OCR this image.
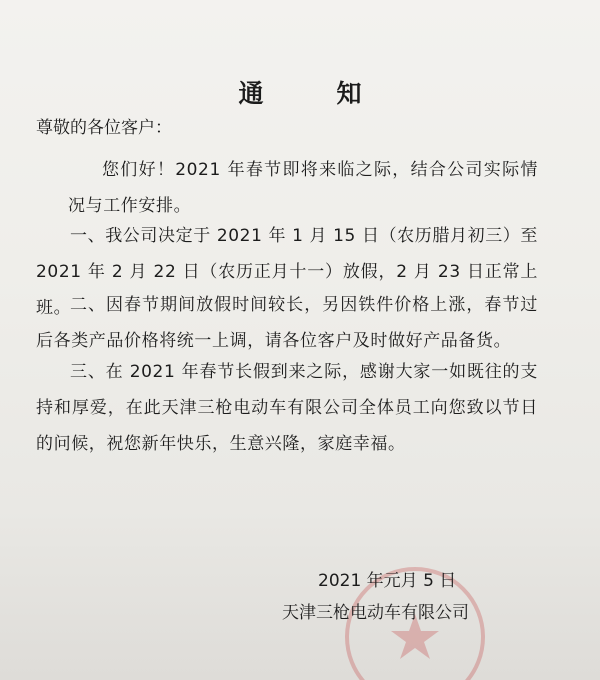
通　知
尊敬的各位客户：

您们好！2021 年春节即将来临之际，结合公司实际情况与工作安排。

一、我公司决定于 2021 年 1 月 15 日（农历腊月初三）至 2021 年 2 月 22 日（农历正月十一）放假，2 月 23 日正常上班。

二、因春节期间放假时间较长，另因铁件价格上涨，春节过后各类产品价格将统一上调，请各位客户及时做好产品备货。

三、在 2021 年春节长假到来之际，感谢大家一如既往的支持和厚爱，在此天津三枪电动车有限公司全体员工向您致以节日的问候，祝您新年快乐，生意兴隆，家庭幸福。

2021 年元月 5 日
天津三枪电动车有限公司
